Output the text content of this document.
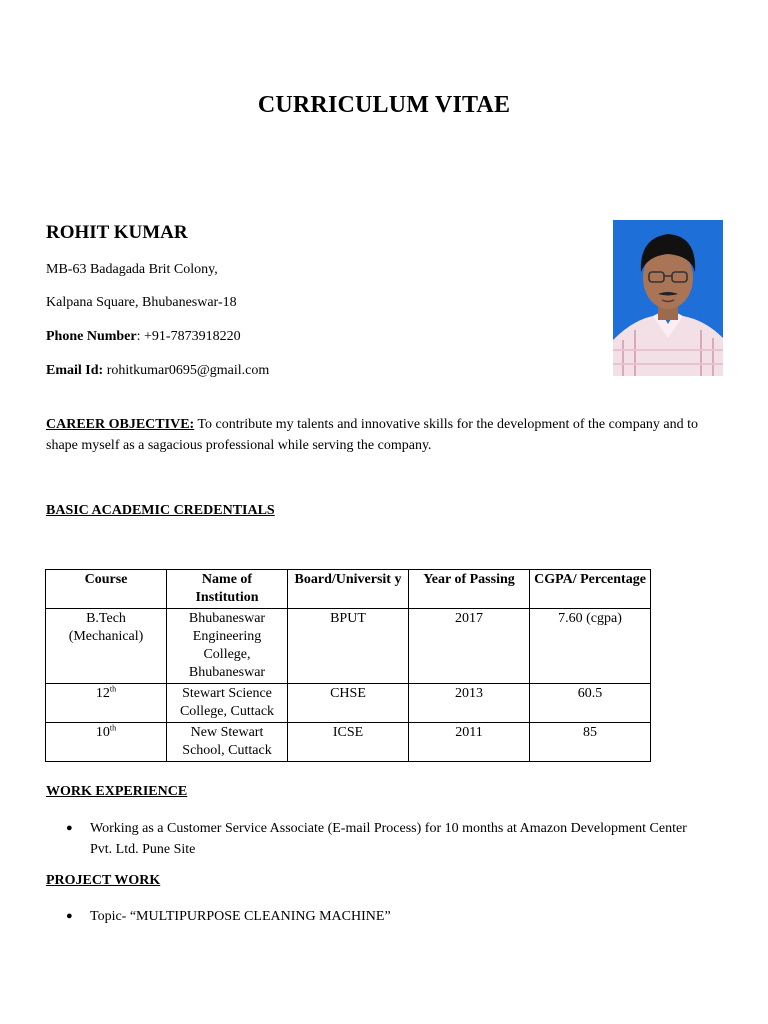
CURRICULUM VITAE
ROHIT KUMAR
MB-63 Badagada Brit Colony,
Kalpana Square, Bhubaneswar-18
Phone Number: +91-7873918220
Email Id: rohitkumar0695@gmail.com
CAREER OBJECTIVE: To contribute my talents and innovative skills for the development of the company and to shape myself as a sagacious professional while serving the company.
BASIC ACADEMIC CREDENTIALS
Course	Name of Institution	Board/Universit y	Year of Passing	CGPA/ Percentage
B.Tech (Mechanical)	Bhubaneswar Engineering College, Bhubaneswar	BPUT	2017	7.60 (cgpa)
12th	Stewart Science College, Cuttack	CHSE	2013	60.5
10th	New Stewart School, Cuttack	ICSE	2011	85
WORK EXPERIENCE
● Working as a Customer Service Associate (E-mail Process) for 10 months at Amazon Development Center Pvt. Ltd. Pune Site
PROJECT WORK
● Topic- “MULTIPURPOSE CLEANING MACHINE”
